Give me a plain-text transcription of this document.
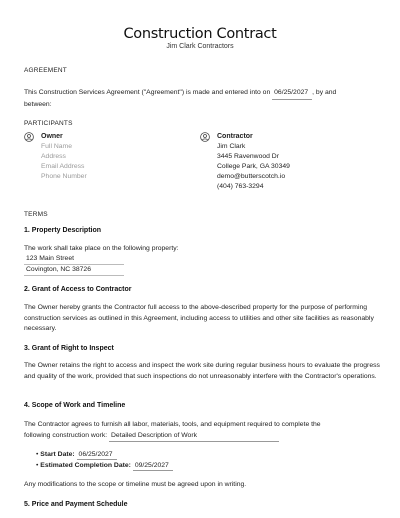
Construction Contract
Jim Clark Contractors
AGREEMENT
This Construction Services Agreement ("Agreement") is made and entered into on 06/25/2027 , by and
between:
PARTICIPANTS
Owner
Full Name
Address
Email Address
Phone Number
Contractor
Jim Clark
3445 Ravenwood Dr
College Park, GA 30349
demo@butterscotch.io
(404) 763-3294
TERMS
1. Property Description
The work shall take place on the following property:
123 Main Street
Covington, NC 38726
2. Grant of Access to Contractor
The Owner hereby grants the Contractor full access to the above-described property for the purpose of performing construction services as outlined in this Agreement, including access to utilities and other site facilities as reasonably necessary.
3. Grant of Right to Inspect
The Owner retains the right to access and inspect the work site during regular business hours to evaluate the progress and quality of the work, provided that such inspections do not unreasonably interfere with the Contractor's operations.
4. Scope of Work and Timeline
The Contractor agrees to furnish all labor, materials, tools, and equipment required to complete the
following construction work: Detailed Description of Work
• Start Date: 06/25/2027
• Estimated Completion Date: 09/25/2027
Any modifications to the scope or timeline must be agreed upon in writing.
5. Price and Payment Schedule
